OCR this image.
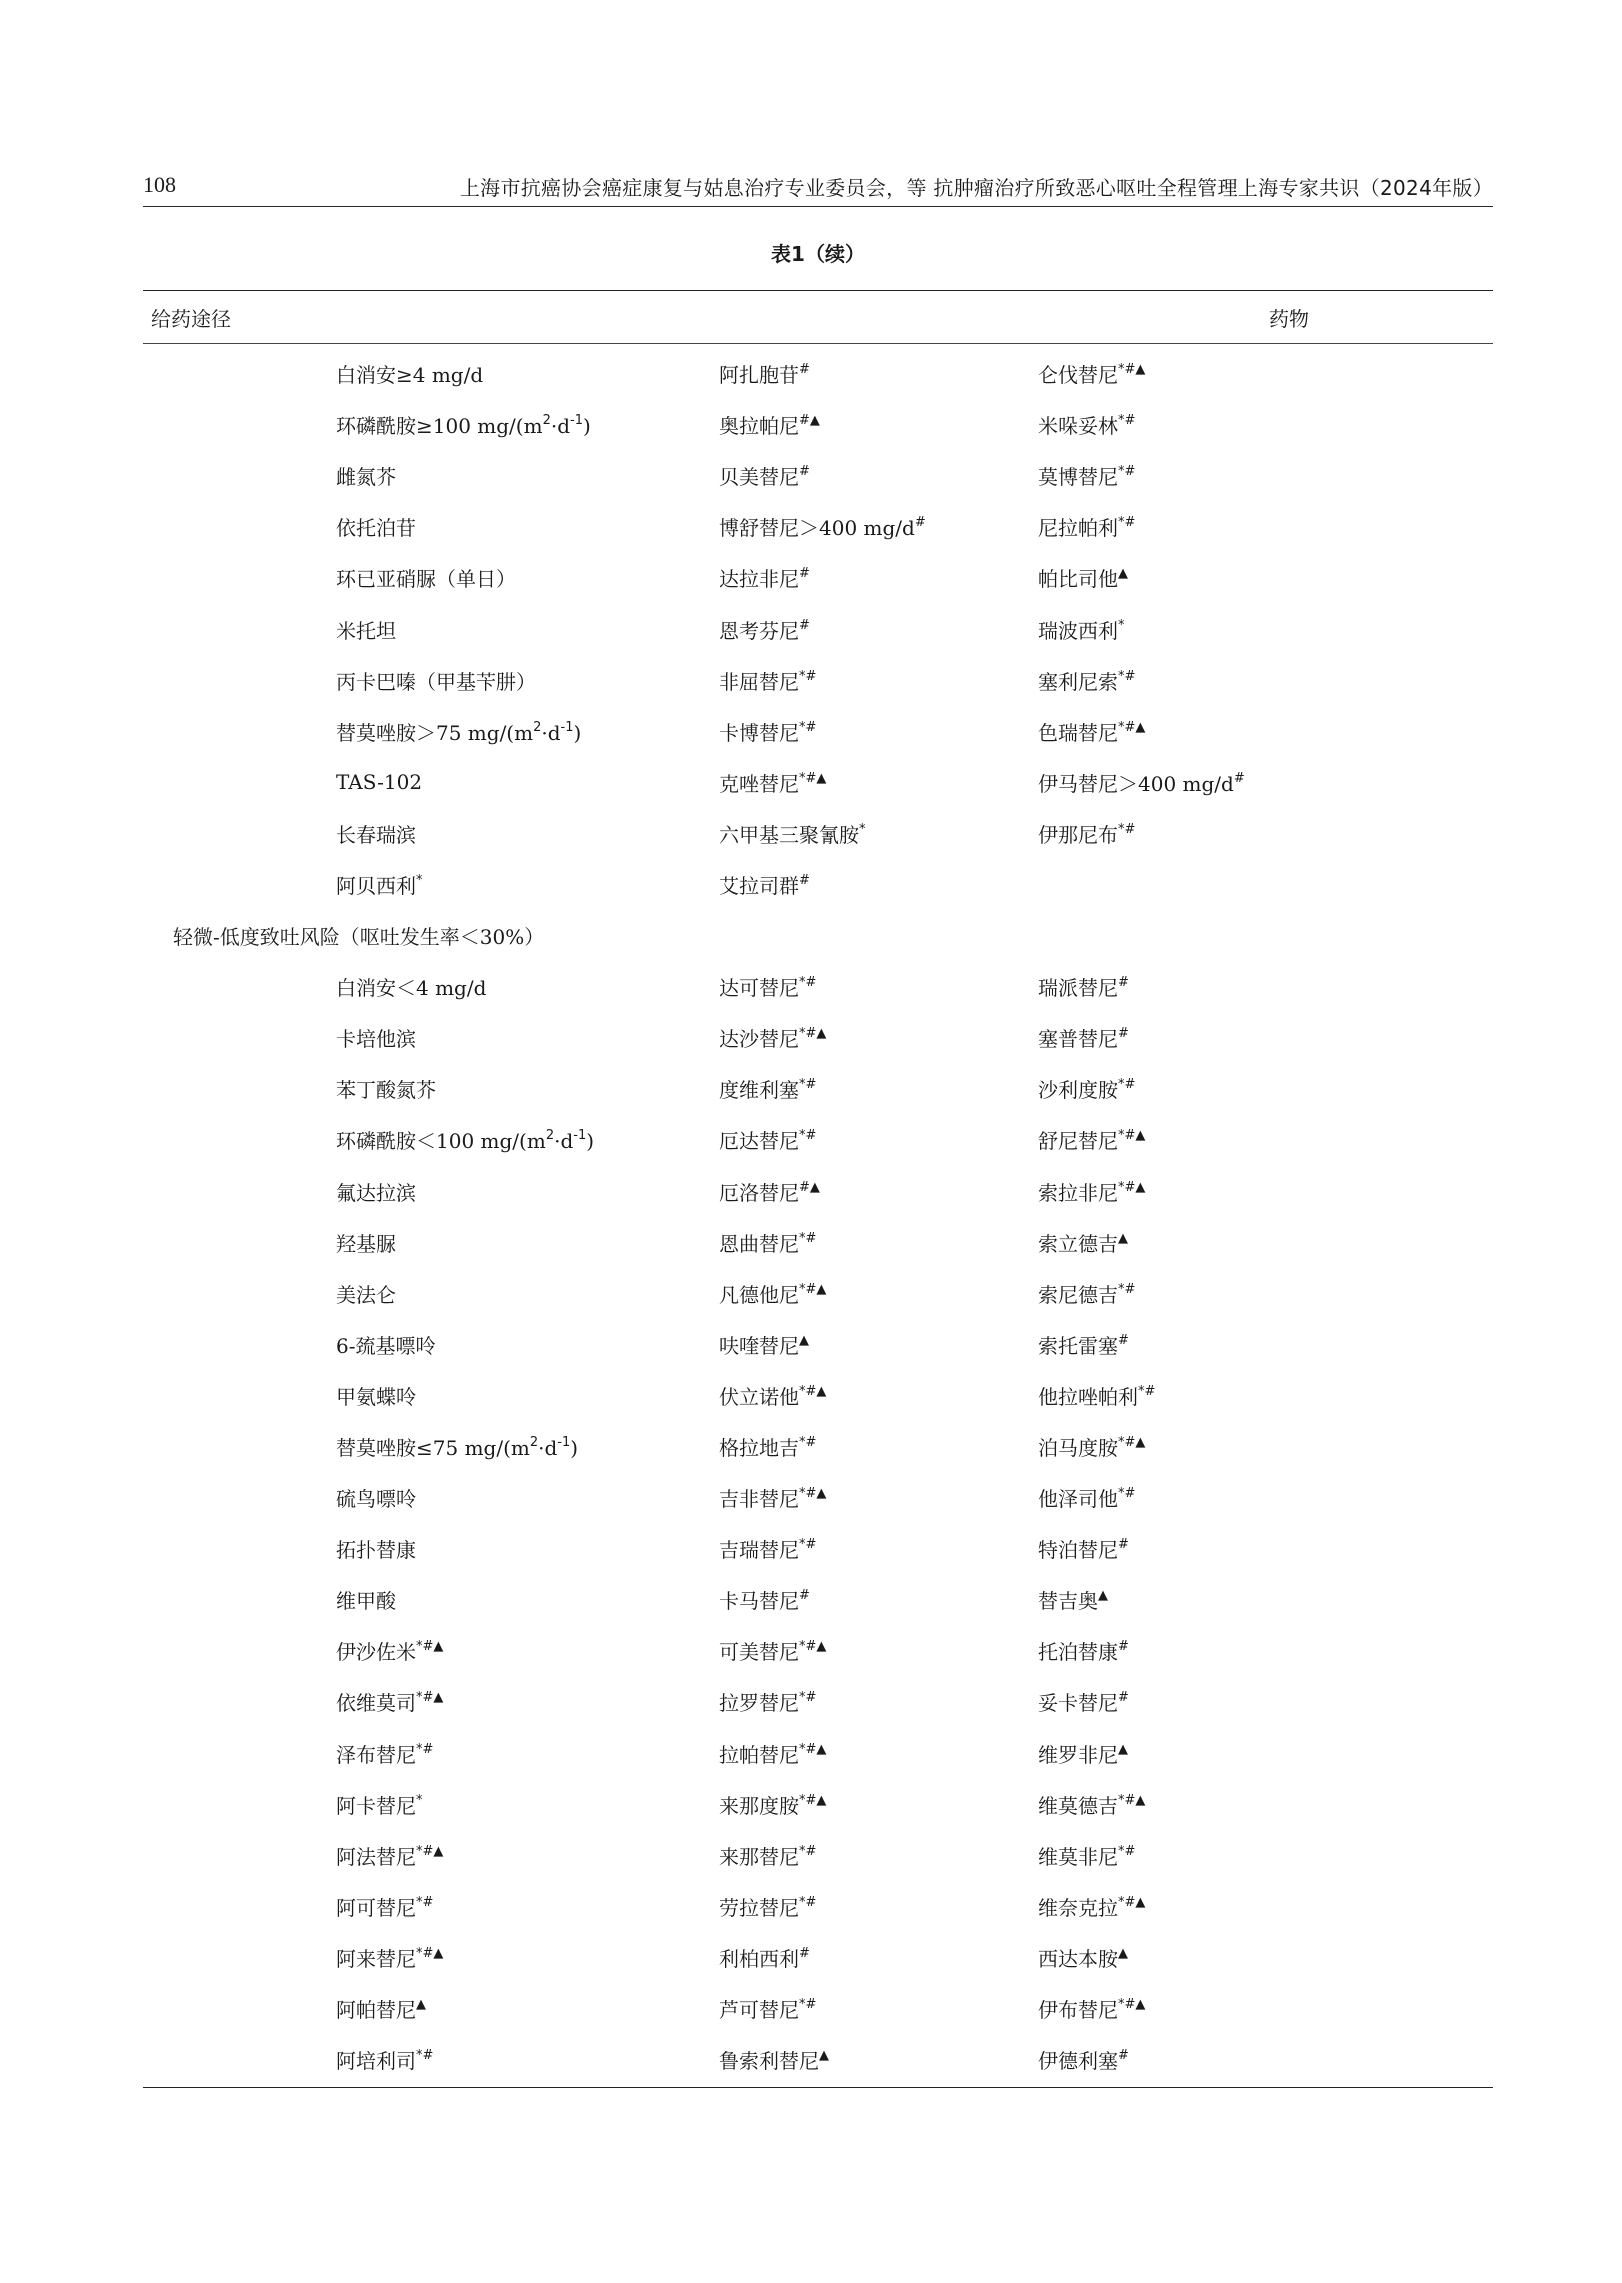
108	上海市抗癌协会癌症康复与姑息治疗专业委员会，等 抗肿瘤治疗所致恶心呕吐全程管理上海专家共识（2024年版）
表1（续）
给药途径	药物	
白消安≥4 mg/d	阿扎胞苷#	仑伐替尼*#▲
环磷酰胺≥100 $mg/(m^2\cdot d^{-1})$	奥拉帕尼#▲	米哚妥林*#
雌氮芥	贝美替尼#	莫博替尼*#
依托泊苷	博舒替尼＞400 mg/d#	尼拉帕利*#
环已亚硝脲（单日）	达拉非尼#	帕比司他▲
米托坦	恩考芬尼#	瑞波西利*
丙卡巴嗪（甲基苄肼）	非屈替尼*#	塞利尼索*#
替莫唑胺＞75 $mg/(m^2\cdot d^{-1})$	卡博替尼*#	色瑞替尼*#▲
TAS-102	克唑替尼*#▲	伊马替尼＞400 mg/d#
长春瑞滨	六甲基三聚氰胺*	伊那尼布*#
阿贝西利*	艾拉司群#	
轻微-低度致吐风险（呕吐发生率＜30%）		
白消安＜4 mg/d	达可替尼*#	瑞派替尼#
卡培他滨	达沙替尼*#▲	塞普替尼#
苯丁酸氮芥	度维利塞*#	沙利度胺*#
环磷酰胺＜100 $mg/(m^2\cdot d^{-1})$	厄达替尼*#	舒尼替尼*#▲
氟达拉滨	厄洛替尼#▲	索拉非尼*#▲
羟基脲	恩曲替尼*#	索立德吉▲
美法仑	凡德他尼*#▲	索尼德吉*#
6-巯基嘌呤	呋喹替尼▲	索托雷塞#
甲氨蝶呤	伏立诺他*#▲	他拉唑帕利*#
替莫唑胺≤75 $mg/(m^2\cdot d^{-1})$	格拉地吉*#	泊马度胺*#▲
硫鸟嘌呤	吉非替尼*#▲	他泽司他*#
拓扑替康	吉瑞替尼*#	特泊替尼#
维甲酸	卡马替尼#	替吉奥▲
伊沙佐米*#▲	可美替尼*#▲	托泊替康#
依维莫司*#▲	拉罗替尼*#	妥卡替尼#
泽布替尼*#	拉帕替尼*#▲	维罗非尼▲
阿卡替尼*	来那度胺*#▲	维莫德吉*#▲
阿法替尼*#▲	来那替尼*#	维莫非尼*#
阿可替尼*#	劳拉替尼*#	维奈克拉*#▲
阿来替尼*#▲	利柏西利#	西达本胺▲
阿帕替尼▲	芦可替尼*#	伊布替尼*#▲
阿培利司*#	鲁索利替尼▲	伊德利塞#
